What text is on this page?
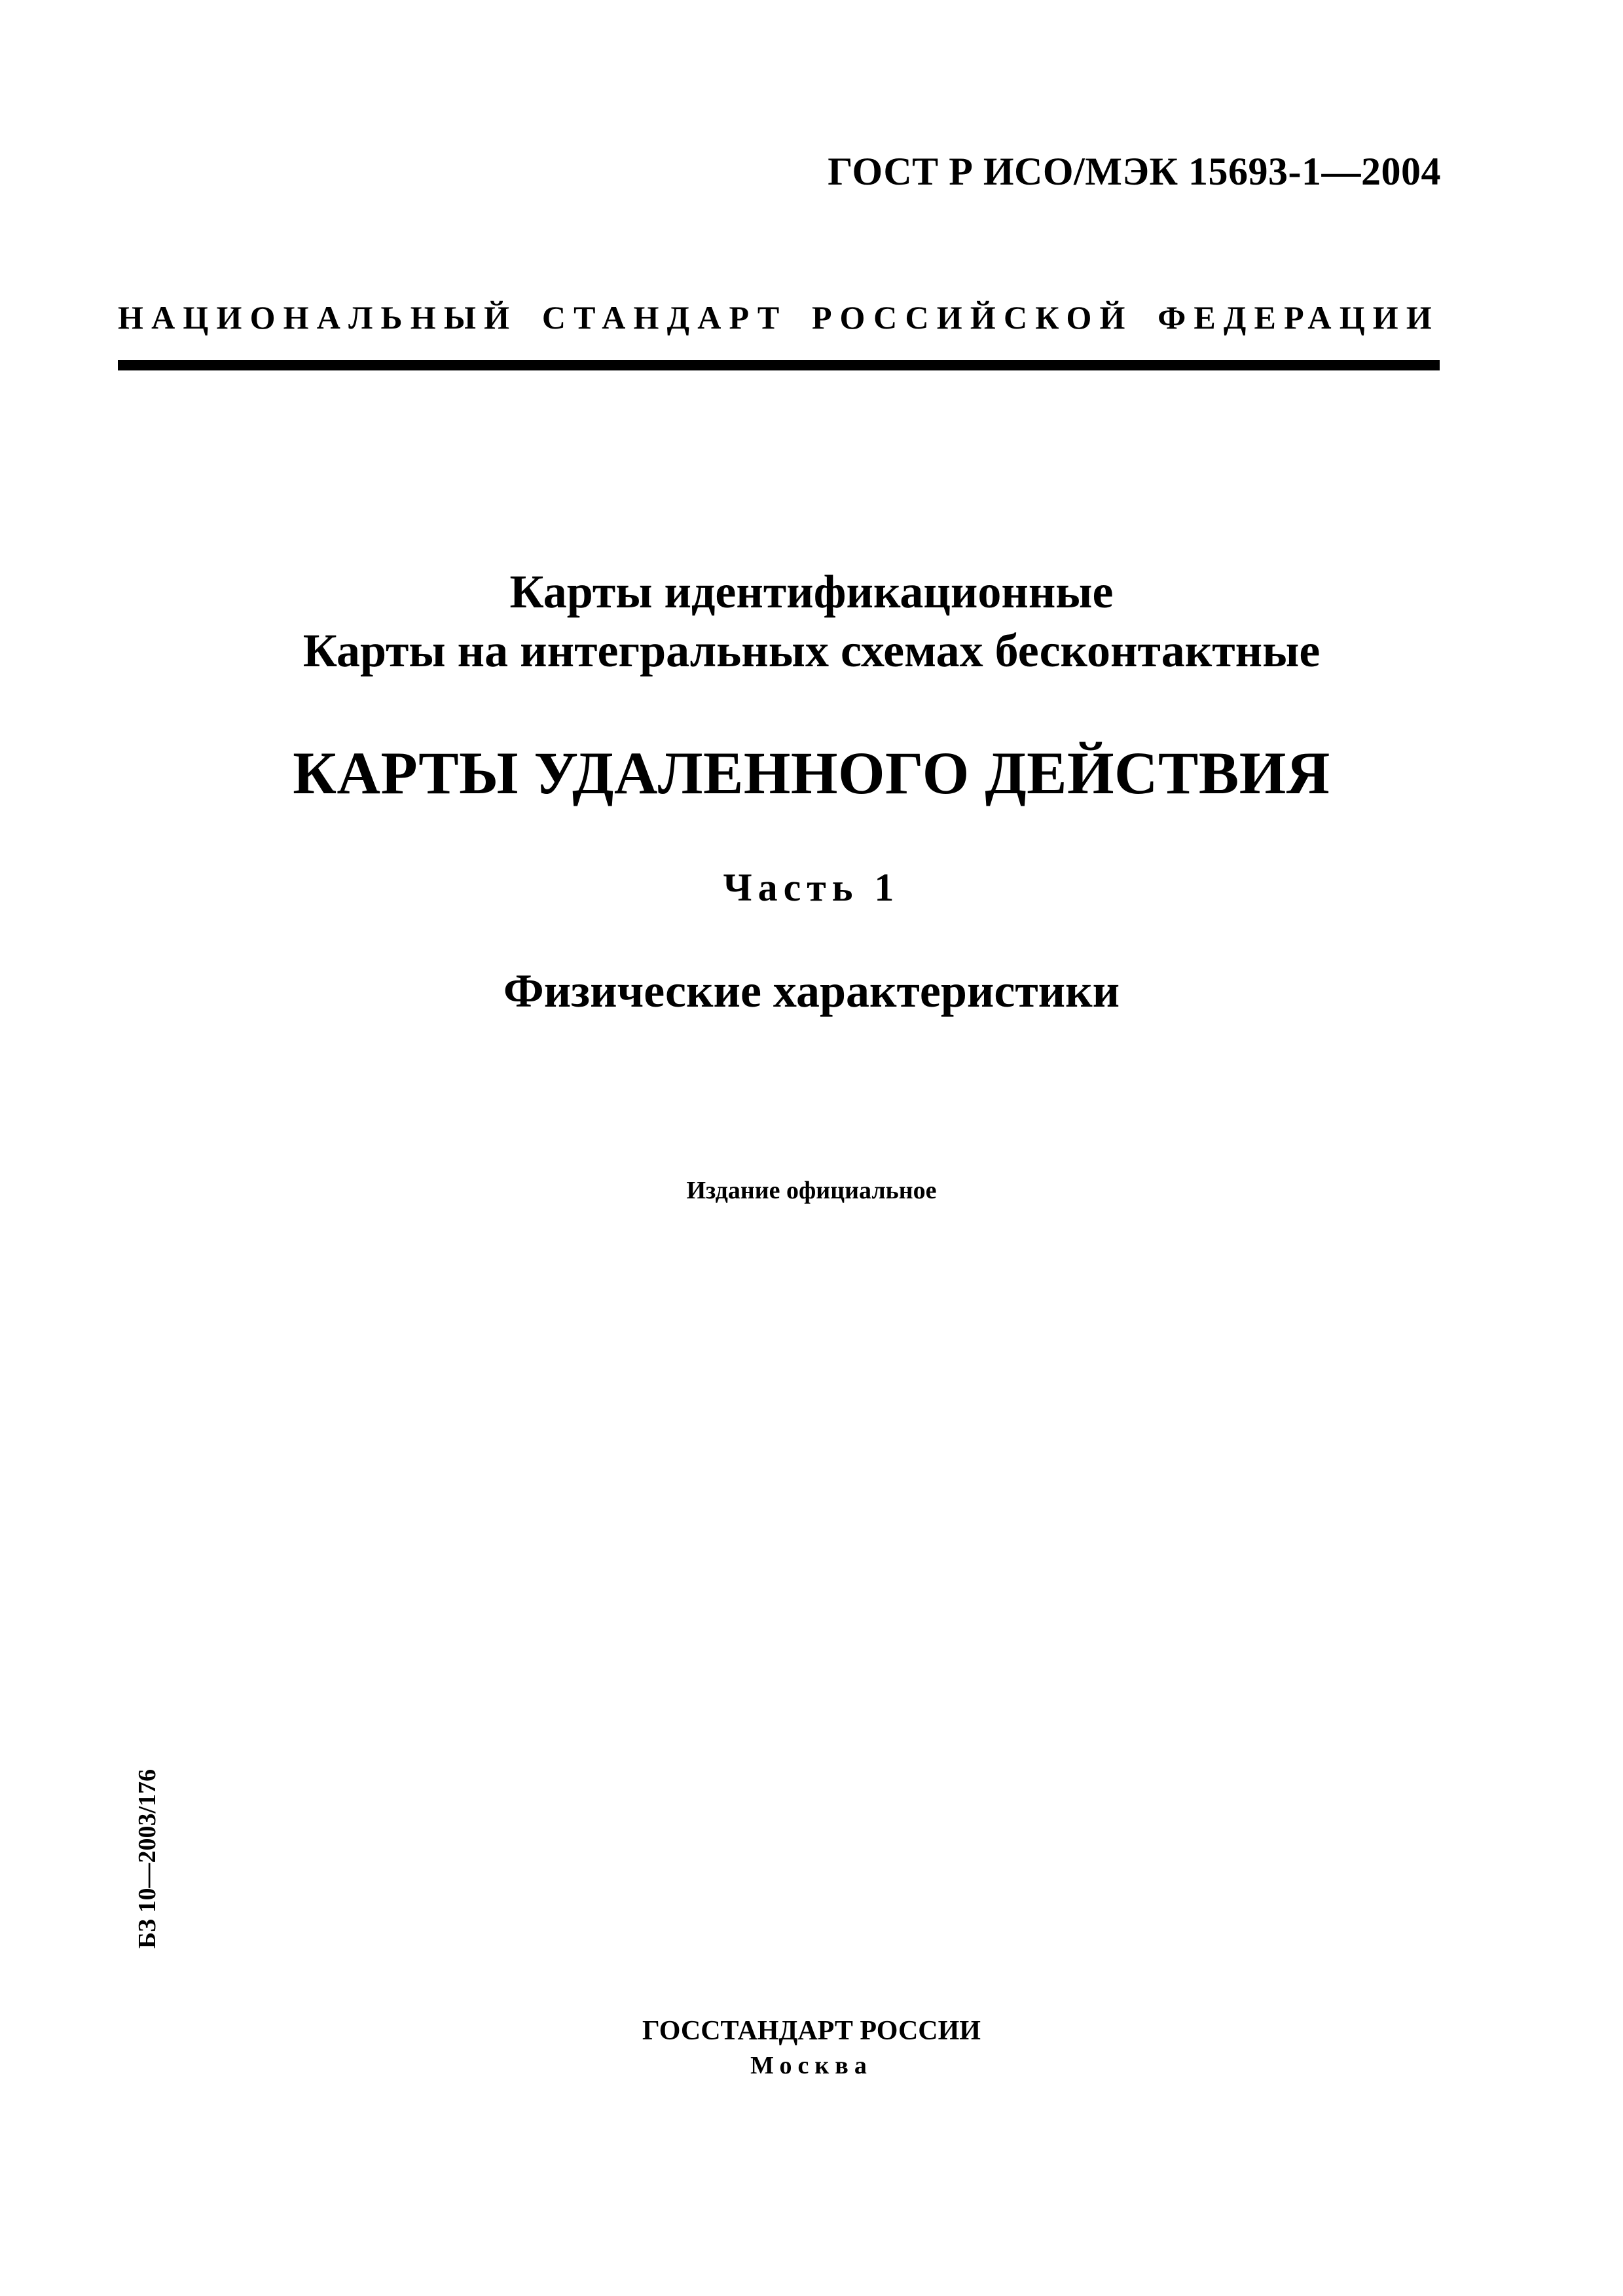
ГОСТ Р ИСО/МЭК 15693-1—2004
НАЦИОНАЛЬНЫЙ СТАНДАРТ РОССИЙСКОЙ ФЕДЕРАЦИИ
Карты идентификационные
Карты на интегральных схемах бесконтактные
КАРТЫ УДАЛЕННОГО ДЕЙСТВИЯ
Часть 1
Физические характеристики
Издание официальное
БЗ 10—2003/176
ГОССТАНДАРТ РОССИИ
Москва
